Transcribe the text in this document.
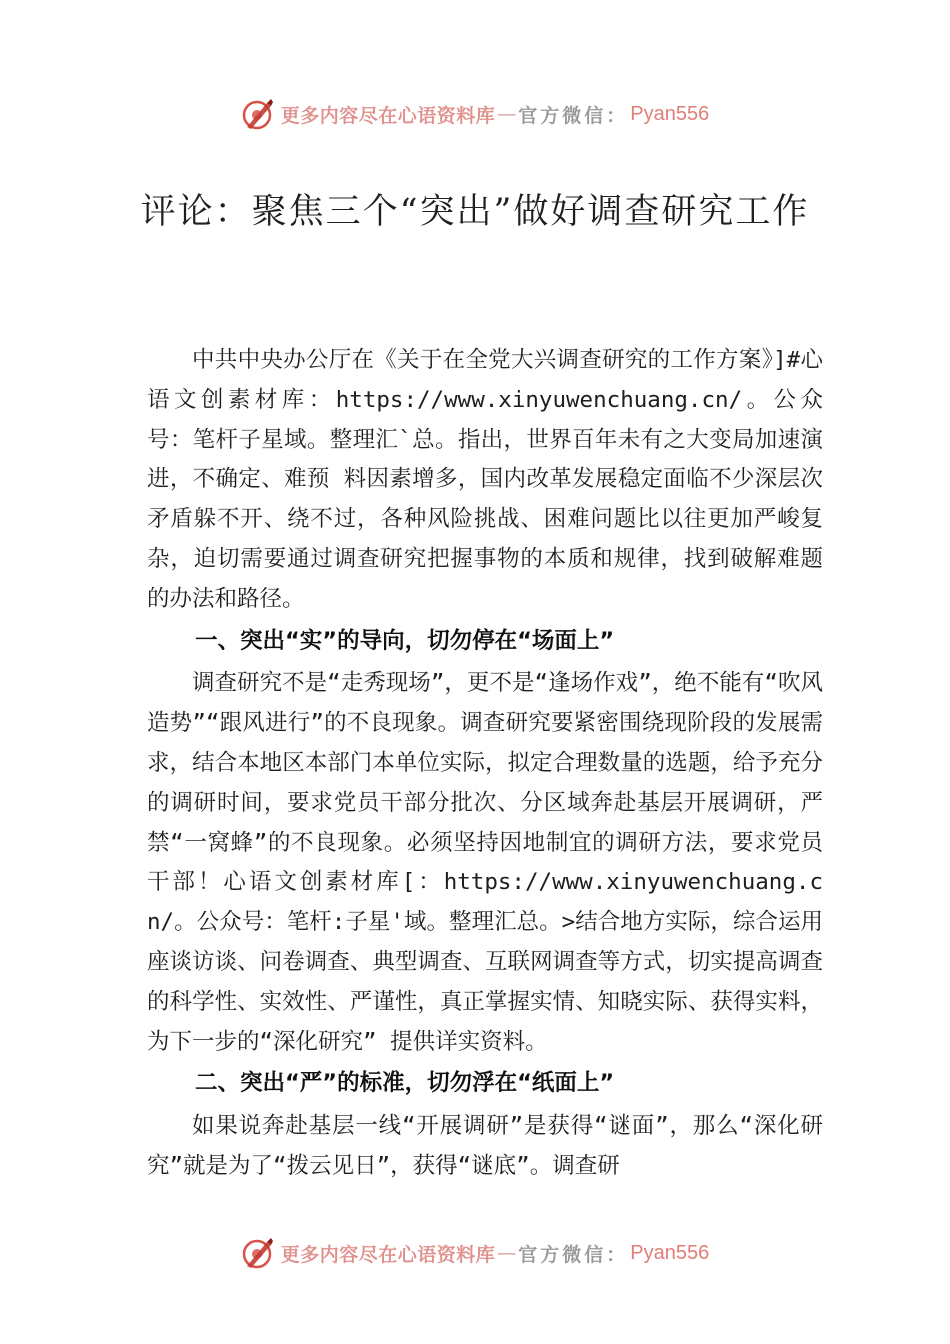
更多内容尽在心语资料库 — 官方微信： Pyan556
评论：聚焦三个“突出”做好调查研究工作

中共中央办公厅在《关于在全党大兴调查研究的工作方案》]#心语文创素材库：https://www.xinyuwenchuang.cn/。公众号：笔杆子星域。整理汇`总。指出，世界百年未有之大变局加速演进，不确定、难预 料因素增多，国内改革发展稳定面临不少深层次矛盾躲不开、绕不过，各种风险挑战、困难问题比以往更加严峻复杂，迫切需要通过调查研究把握事物的本质和规律，找到破解难题 的办法和路径。

一、突出“实”的导向，切勿停在“场面上”

调查研究不是“走秀现场”，更不是“逢场作戏”，绝不能有“吹风造势”“跟风进行”的不良现象。调查研究要紧密围绕现阶段的发展需求，结合本地区本部门本单位实际，拟定合理数量的选题，给予充分的调研时间，要求党员干部分批次、分区域奔赴基层开展调研，严禁“一窝蜂”的不良现象。必须坚持因地制宜的调研方法，要求党员干部！心语文创素材库[：https://www.xinyuwenchuang.cn/。公众号：笔杆:子星'域。整理汇总。>结合地方实际，综合运用座谈访谈、问卷调查、典型调查、互联网调查等方式，切实提高调查的科学性、实效性、严谨性，真正掌握实情、知晓实际、获得实料，为下一步的“深化研究” 提供详实资料。

二、突出“严”的标准，切勿浮在“纸面上”

如果说奔赴基层一线“开展调研”是获得“谜面”，那么“深化研究”就是为了“拨云见日”，获得“谜底”。调查研

更多内容尽在心语资料库 — 官方微信： Pyan556
